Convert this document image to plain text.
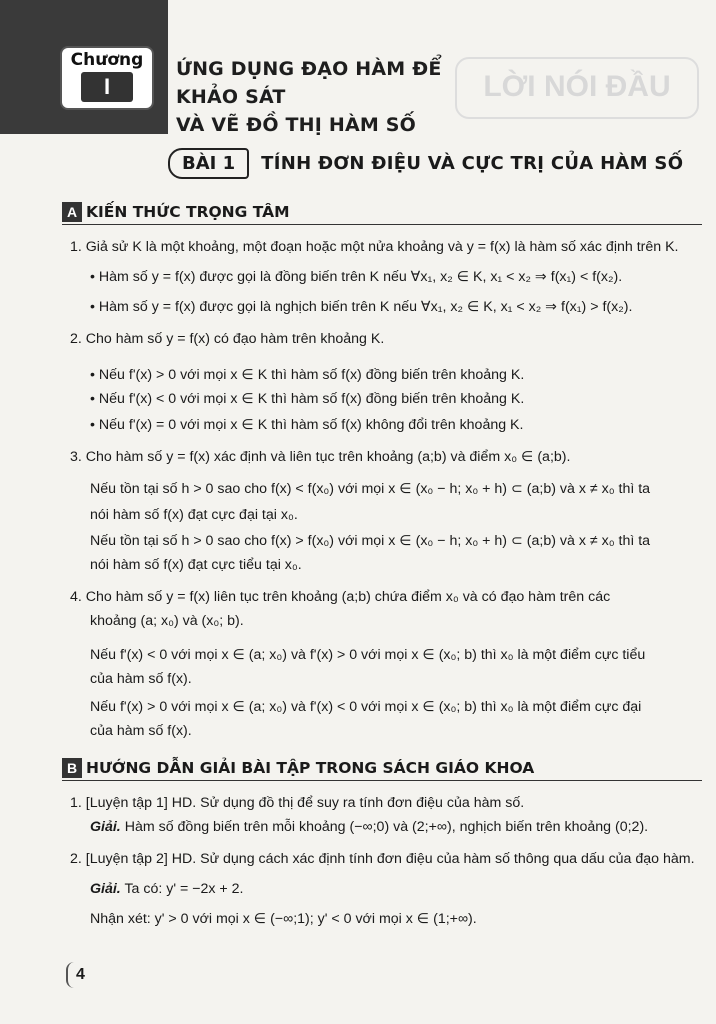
Chương
I
ỨNG DỤNG ĐẠO HÀM ĐỂ KHẢO SÁT
VÀ VẼ ĐỒ THỊ HÀM SỐ
LỜI NÓI ĐẦU
BÀI 1	TÍNH ĐƠN ĐIỆU VÀ CỰC TRỊ CỦA HÀM SỐ
A KIẾN THỨC TRỌNG TÂM
1. Giả sử K là một khoảng, một đoạn hoặc một nửa khoảng và y = f(x) là hàm số xác định trên K.
• Hàm số y = f(x) được gọi là đồng biến trên K nếu ∀x₁, x₂ ∈ K, x₁ < x₂ ⇒ f(x₁) < f(x₂).
• Hàm số y = f(x) được gọi là nghịch biến trên K nếu ∀x₁, x₂ ∈ K, x₁ < x₂ ⇒ f(x₁) > f(x₂).
2. Cho hàm số y = f(x) có đạo hàm trên khoảng K.
• Nếu f'(x) > 0 với mọi x ∈ K thì hàm số f(x) đồng biến trên khoảng K.
• Nếu f'(x) < 0 với mọi x ∈ K thì hàm số f(x) đồng biến trên khoảng K.
• Nếu f'(x) = 0 với mọi x ∈ K thì hàm số f(x) không đổi trên khoảng K.
3. Cho hàm số y = f(x) xác định và liên tục trên khoảng (a;b) và điểm x₀ ∈ (a;b).
Nếu tồn tại số h > 0 sao cho f(x) < f(x₀) với mọi x ∈ (x₀ − h; x₀ + h) ⊂ (a;b) và x ≠ x₀ thì ta
nói hàm số f(x) đạt cực đại tại x₀.
Nếu tồn tại số h > 0 sao cho f(x) > f(x₀) với mọi x ∈ (x₀ − h; x₀ + h) ⊂ (a;b) và x ≠ x₀ thì ta
nói hàm số f(x) đạt cực tiểu tại x₀.
4. Cho hàm số y = f(x) liên tục trên khoảng (a;b) chứa điểm x₀ và có đạo hàm trên các
khoảng (a; x₀) và (x₀; b).
Nếu f'(x) < 0 với mọi x ∈ (a; x₀) và f'(x) > 0 với mọi x ∈ (x₀; b) thì x₀ là một điểm cực tiểu
của hàm số f(x).
Nếu f'(x) > 0 với mọi x ∈ (a; x₀) và f'(x) < 0 với mọi x ∈ (x₀; b) thì x₀ là một điểm cực đại
của hàm số f(x).
B HƯỚNG DẪN GIẢI BÀI TẬP TRONG SÁCH GIÁO KHOA
1. [Luyện tập 1] HD. Sử dụng đồ thị để suy ra tính đơn điệu của hàm số.
Giải. Hàm số đồng biến trên mỗi khoảng (−∞;0) và (2;+∞), nghịch biến trên khoảng (0;2).
2. [Luyện tập 2] HD. Sử dụng cách xác định tính đơn điệu của hàm số thông qua dấu của đạo hàm.
Giải. Ta có: y' = −2x + 2.
Nhận xét: y' > 0 với mọi x ∈ (−∞;1); y' < 0 với mọi x ∈ (1;+∞).
4
